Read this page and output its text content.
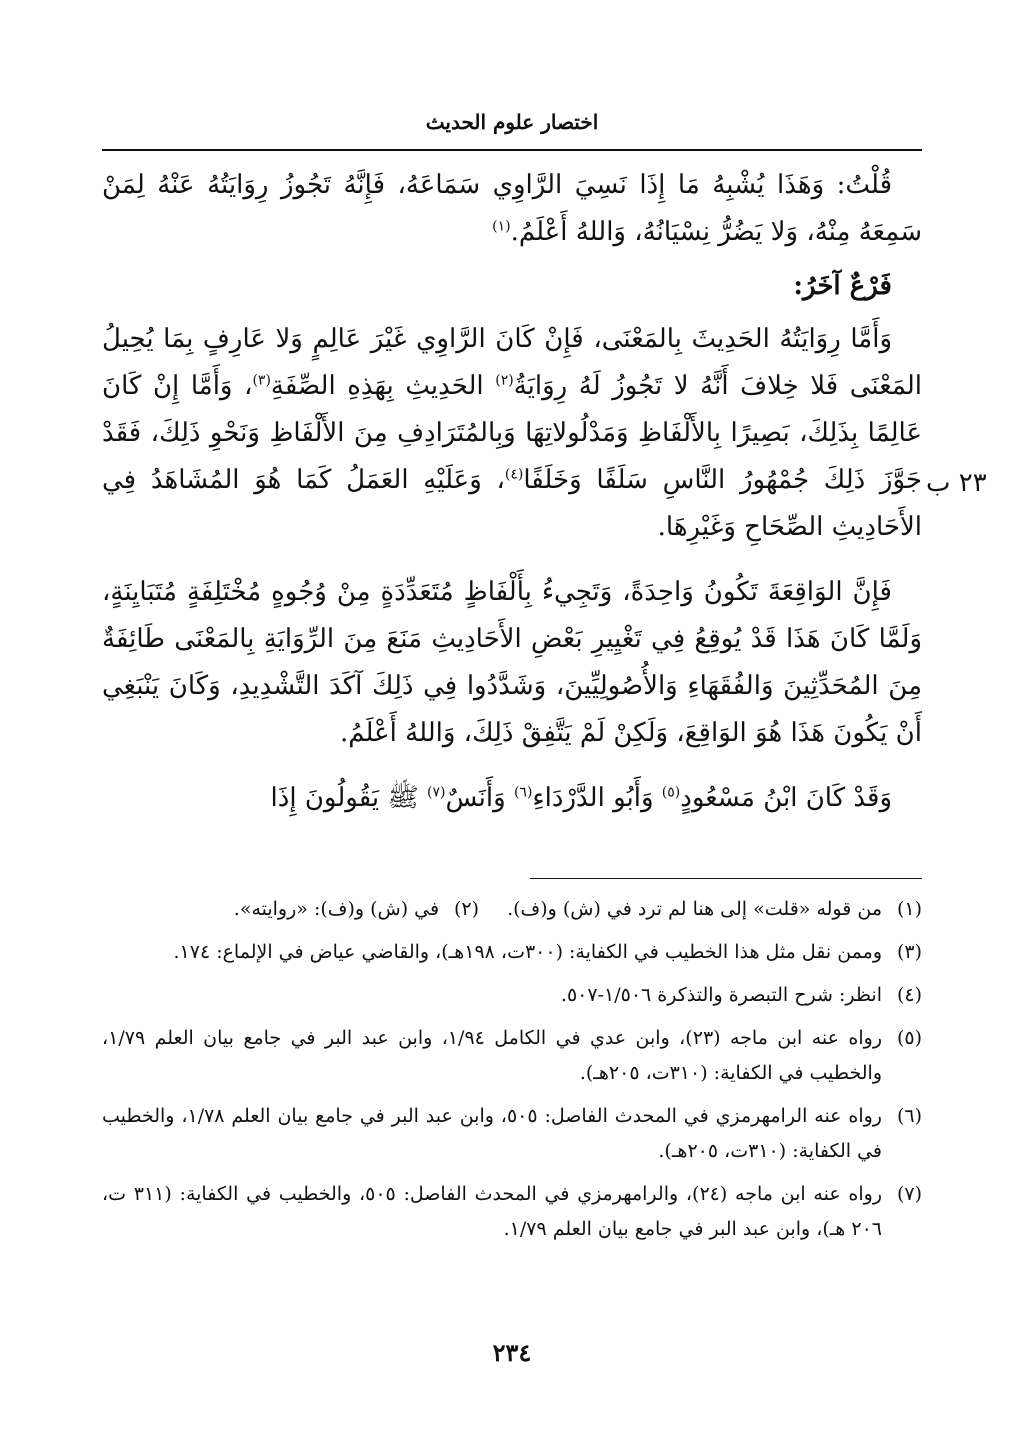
اختصار علوم الحديث
٢٣ ب

قُلْتُ: وَهَذَا يُشْبِهُ مَا إِذَا نَسِيَ الرَّاوِي سَمَاعَهُ، فَإِنَّهُ تَجُوزُ رِوَايَتُهُ عَنْهُ لِمَنْ سَمِعَهُ مِنْهُ، وَلا يَضُرُّ نِسْيَانُهُ، وَاللهُ أَعْلَمُ.$^{(١)}$

فَرْعٌ آخَرُ:

وَأَمَّا رِوَايَتُهُ الحَدِيثَ بِالمَعْنَى، فَإِنْ كَانَ الرَّاوِي غَيْرَ عَالِمٍ وَلا عَارِفٍ بِمَا يُحِيلُ المَعْنَى فَلا خِلافَ أَنَّهُ لا تَجُوزُ لَهُ رِوَايَةُ$^{(٢)}$ الحَدِيثِ بِهَذِهِ الصِّفَةِ$^{(٣)}$، وَأَمَّا إِنْ كَانَ عَالِمًا بِذَلِكَ، بَصِيرًا بِالأَلْفَاظِ وَمَدْلُولاتِهَا وَبِالمُتَرَادِفِ مِنَ الأَلْفَاظِ وَنَحْوِ ذَلِكَ، فَقَدْ جَوَّزَ ذَلِكَ جُمْهُورُ النَّاسِ سَلَفًا وَخَلَفًا$^{(٤)}$، وَعَلَيْهِ العَمَلُ كَمَا هُوَ المُشَاهَدُ فِي الأَحَادِيثِ الصِّحَاحِ وَغَيْرِهَا.

فَإِنَّ الوَاقِعَةَ تَكُونُ وَاحِدَةً، وَتَجِيءُ بِأَلْفَاظٍ مُتَعَدِّدَةٍ مِنْ وُجُوهٍ مُخْتَلِفَةٍ مُتَبَايِنَةٍ، وَلَمَّا كَانَ هَذَا قَدْ يُوقِعُ فِي تَغْيِيرِ بَعْضِ الأَحَادِيثِ مَنَعَ مِنَ الرِّوَايَةِ بِالمَعْنَى طَائِفَةٌ مِنَ المُحَدِّثِينَ وَالفُقَهَاءِ وَالأُصُولِيِّينَ، وَشَدَّدُوا فِي ذَلِكَ آكَدَ التَّشْدِيدِ، وَكَانَ يَنْبَغِي أَنْ يَكُونَ هَذَا هُوَ الوَاقِعَ، وَلَكِنْ لَمْ يَتَّفِقْ ذَلِكَ، وَاللهُ أَعْلَمُ.

وَقَدْ كَانَ ابْنُ مَسْعُودٍ$^{(٥)}$ وَأَبُو الدَّرْدَاءِ$^{(٦)}$ وَأَنَسٌ$^{(٧)}$ ﷺ يَقُولُونَ إِذَا

(١)
من قوله «قلت» إلى هنا لم ترد في (ش) و(ف).

(٢)
في (ش) و(ف): «روايته».

(٣)
وممن نقل مثل هذا الخطيب في الكفاية: (٣٠٠ت، ١٩٨هـ)، والقاضي عياض في الإلماع: ١٧٤.

(٤)
انظر: شرح التبصرة والتذكرة ١/٥٠٦-٥٠٧.

(٥)
رواه عنه ابن ماجه (٢٣)، وابن عدي في الكامل ١/٩٤، وابن عبد البر في جامع بيان العلم ١/٧٩، والخطيب في الكفاية: (٣١٠ت، ٢٠٥هـ).

(٦)
رواه عنه الرامهرمزي في المحدث الفاصل: ٥٠٥، وابن عبد البر في جامع بيان العلم ١/٧٨، والخطيب في الكفاية: (٣١٠ت، ٢٠٥هـ).

(٧)
رواه عنه ابن ماجه (٢٤)، والرامهرمزي في المحدث الفاصل: ٥٠٥، والخطيب في الكفاية: (٣١١ ت، ٢٠٦ هـ)، وابن عبد البر في جامع بيان العلم ١/٧٩.

٢٣٤
